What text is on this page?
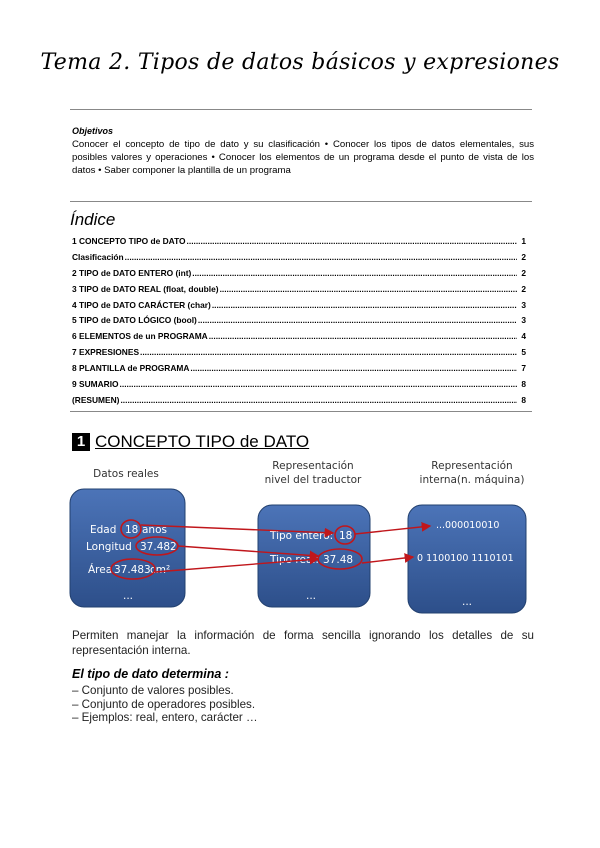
Tema 2. Tipos de datos básicos y expresiones
Objetivos
Conocer el concepto de tipo de dato y su clasificación • Conocer los tipos de datos elementales, sus posibles valores y operaciones • Conocer los elementos de un programa desde el punto de vista de los datos • Saber componer la plantilla de un programa
Índice
1 CONCEPTO TIPO de DATO .....	1
Clasificación .....	2
2 TIPO de DATO ENTERO (int) .....	2
3 TIPO de DATO REAL (float, double) .....	2
4 TIPO de DATO CARÁCTER (char) .....	3
5 TIPO de DATO LÓGICO (bool) .....	3
6 ELEMENTOS de un PROGRAMA .....	4
7 EXPRESIONES .....	5
8 PLANTILLA de PROGRAMA .....	7
9 SUMARIO .....	8
(RESUMEN) .....	8
1 CONCEPTO TIPO de DATO
Datos reales
Representación
nivel del traductor
Representación
interna(n. máquina)
Edad 18 años
Longitud 37.482
Área 37.483 cm²
...
Tipo entero: 18
Tipo real: 37.48
...
...000010010
0 1100100 1110101
...
Permiten manejar la información de forma sencilla ignorando los detalles de su representación interna.
El tipo de dato determina :
– Conjunto de valores posibles.
– Conjunto de operadores posibles.
– Ejemplos: real, entero, carácter …
